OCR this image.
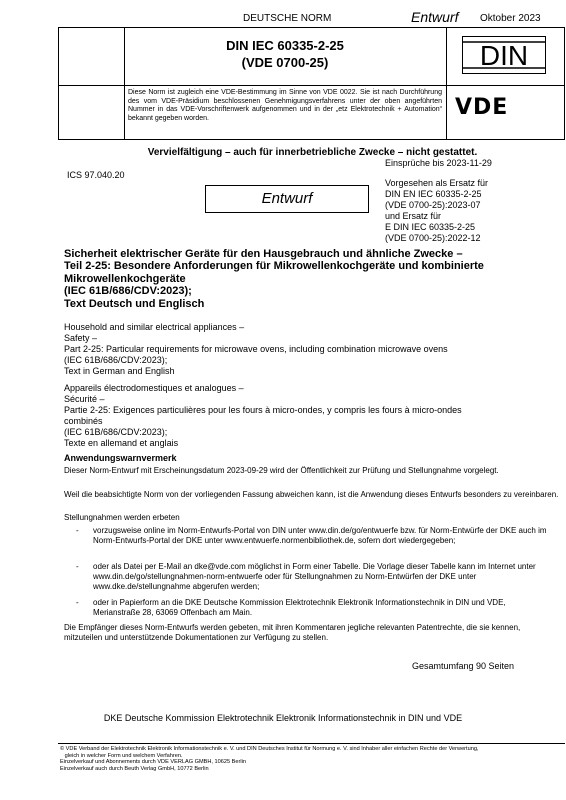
DEUTSCHE NORM	Entwurf Oktober 2023
DIN IEC 60335-2-25
(VDE 0700-25)
Diese Norm ist zugleich eine VDE-Bestimmung im Sinne von VDE 0022. Sie ist nach Durchführung des vom VDE-Präsidium beschlossenen Genehmigungsverfahrens unter der oben angeführten Nummer in das VDE-Vorschriftenwerk aufgenommen und in der „etz Elektrotechnik + Automation“ bekannt gegeben worden.
DIN
VDE
Vervielfältigung – auch für innerbetriebliche Zwecke – nicht gestattet.
Einsprüche bis 2023-11-29
ICS 97.040.20
Entwurf
Vorgesehen als Ersatz für
DIN EN IEC 60335-2-25
(VDE 0700-25):2023-07
und Ersatz für
E DIN IEC 60335-2-25
(VDE 0700-25):2022-12
Sicherheit elektrischer Geräte für den Hausgebrauch und ähnliche Zwecke –
Teil 2-25: Besondere Anforderungen für Mikrowellenkochgeräte und kombinierte
Mikrowellenkochgeräte
(IEC 61B/686/CDV:2023);
Text Deutsch und Englisch
Household and similar electrical appliances –
Safety –
Part 2-25: Particular requirements for microwave ovens, including combination microwave ovens
(IEC 61B/686/CDV:2023);
Text in German and English
Appareils électrodomestiques et analogues –
Sécurité –
Partie 2-25: Exigences particulières pour les fours à micro-ondes, y compris les fours à micro-ondes
combinés
(IEC 61B/686/CDV:2023);
Texte en allemand et anglais
Anwendungswarnvermerk
Dieser Norm-Entwurf mit Erscheinungsdatum 2023-09-29 wird der Öffentlichkeit zur Prüfung und Stellungnahme vorgelegt.
Weil die beabsichtigte Norm von der vorliegenden Fassung abweichen kann, ist die Anwendung dieses Entwurfs besonders zu vereinbaren.
Stellungnahmen werden erbeten
- vorzugsweise online im Norm-Entwurfs-Portal von DIN unter www.din.de/go/entwuerfe bzw. für Norm-Entwürfe der DKE auch im Norm-Entwurfs-Portal der DKE unter www.entwuerfe.normenbibliothek.de, sofern dort wiedergegeben;
- oder als Datei per E-Mail an dke@vde.com möglichst in Form einer Tabelle. Die Vorlage dieser Tabelle kann im Internet unter www.din.de/go/stellungnahmen-norm-entwuerfe oder für Stellungnahmen zu Norm-Entwürfen der DKE unter www.dke.de/stellungnahme abgerufen werden;
- oder in Papierform an die DKE Deutsche Kommission Elektrotechnik Elektronik Informationstechnik in DIN und VDE, Merianstraße 28, 63069 Offenbach am Main.
Die Empfänger dieses Norm-Entwurfs werden gebeten, mit ihren Kommentaren jegliche relevanten Patentrechte, die sie kennen, mitzuteilen und unterstützende Dokumentationen zur Verfügung zu stellen.
Gesamtumfang 90 Seiten
DKE Deutsche Kommission Elektrotechnik Elektronik Informationstechnik in DIN und VDE
© VDE Verband der Elektrotechnik Elektronik Informationstechnik e. V. und DIN Deutsches Institut für Normung e. V. sind Inhaber aller einfachen Rechte der Verwertung,
gleich in welcher Form und welchem Verfahren.
Einzelverkauf und Abonnements durch VDE VERLAG GMBH, 10625 Berlin
Einzelverkauf auch durch Beuth Verlag GmbH, 10772 Berlin
